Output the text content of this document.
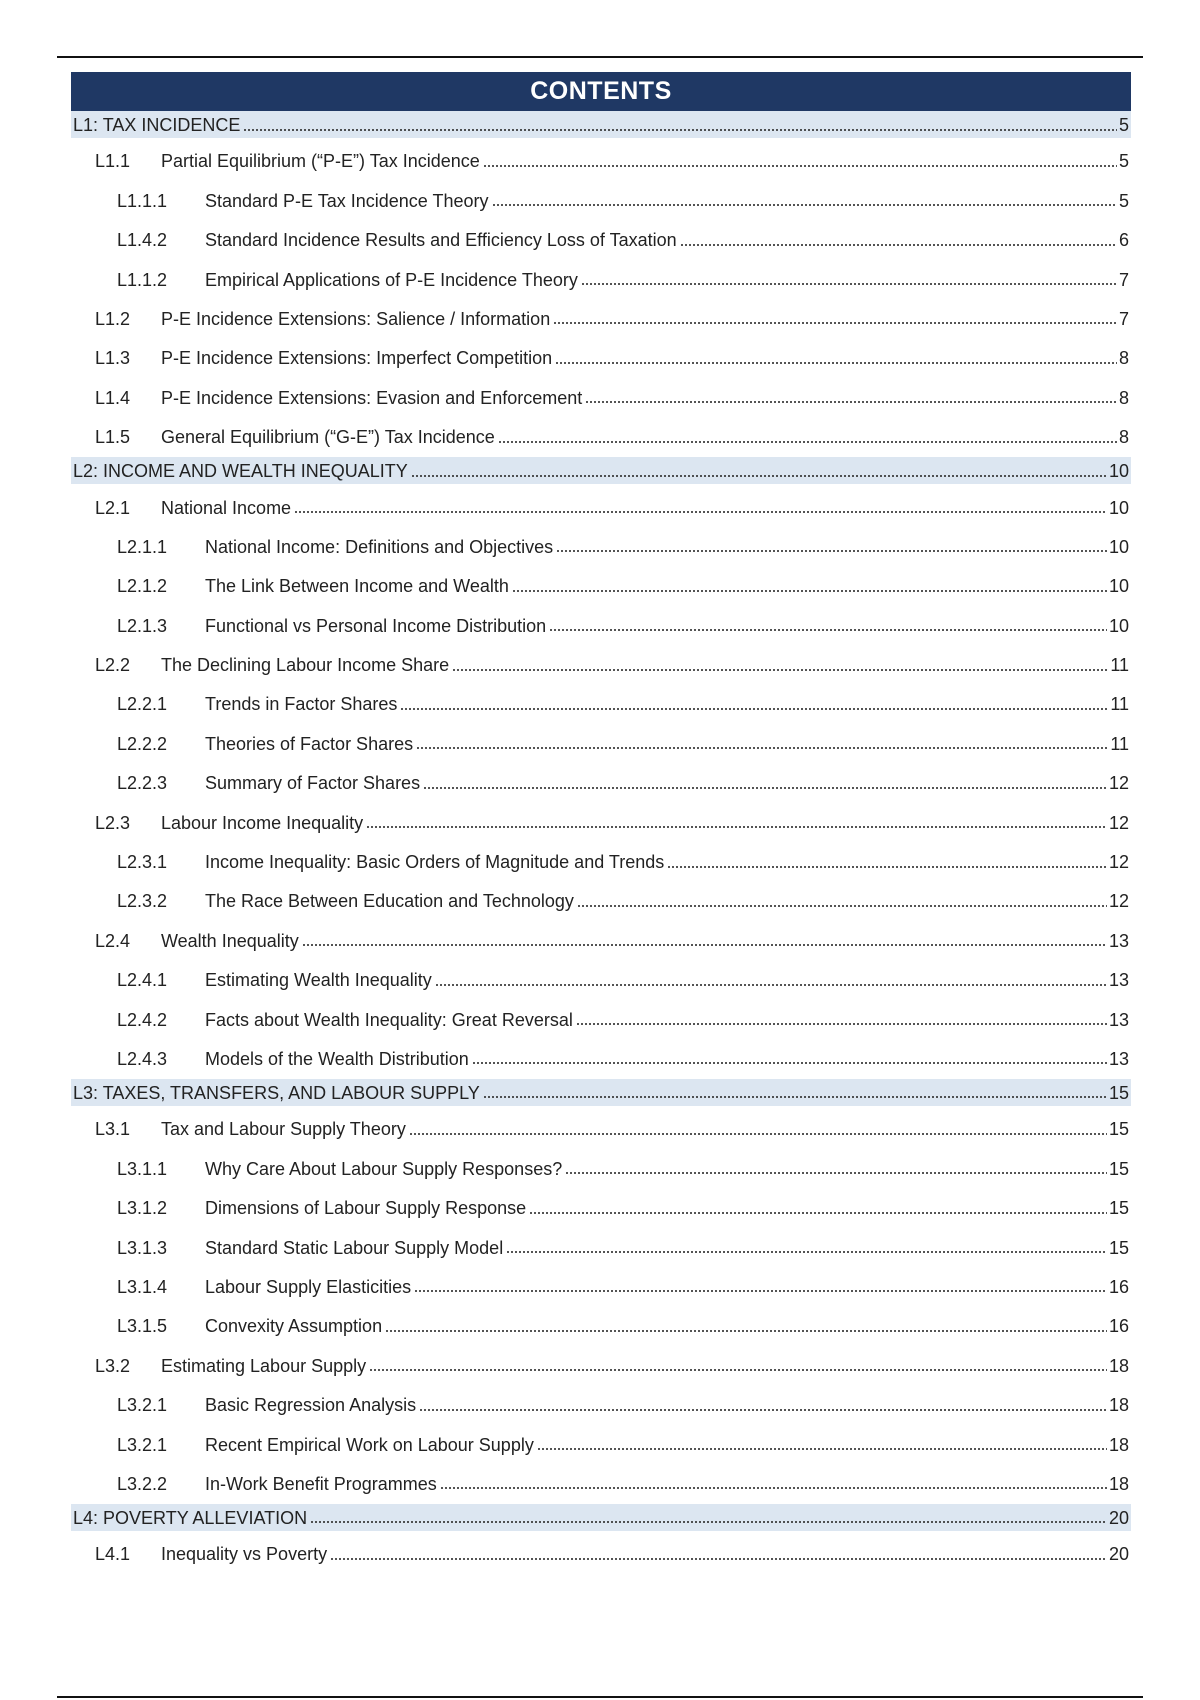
CONTENTS
L1: TAX INCIDENCE	5
L1.1	Partial Equilibrium (“P-E”) Tax Incidence	5
L1.1.1	Standard P-E Tax Incidence Theory	5
L1.4.2	Standard Incidence Results and Efficiency Loss of Taxation	6
L1.1.2	Empirical Applications of P-E Incidence Theory	7
L1.2	P-E Incidence Extensions: Salience / Information	7
L1.3	P-E Incidence Extensions: Imperfect Competition	8
L1.4	P-E Incidence Extensions: Evasion and Enforcement	8
L1.5	General Equilibrium (“G-E”) Tax Incidence	8
L2: INCOME AND WEALTH INEQUALITY	10
L2.1	National Income	10
L2.1.1	National Income: Definitions and Objectives	10
L2.1.2	The Link Between Income and Wealth	10
L2.1.3	Functional vs Personal Income Distribution	10
L2.2	The Declining Labour Income Share	11
L2.2.1	Trends in Factor Shares	11
L2.2.2	Theories of Factor Shares	11
L2.2.3	Summary of Factor Shares	12
L2.3	Labour Income Inequality	12
L2.3.1	Income Inequality: Basic Orders of Magnitude and Trends	12
L2.3.2	The Race Between Education and Technology	12
L2.4	Wealth Inequality	13
L2.4.1	Estimating Wealth Inequality	13
L2.4.2	Facts about Wealth Inequality: Great Reversal	13
L2.4.3	Models of the Wealth Distribution	13
L3: TAXES, TRANSFERS, AND LABOUR SUPPLY	15
L3.1	Tax and Labour Supply Theory	15
L3.1.1	Why Care About Labour Supply Responses?	15
L3.1.2	Dimensions of Labour Supply Response	15
L3.1.3	Standard Static Labour Supply Model	15
L3.1.4	Labour Supply Elasticities	16
L3.1.5	Convexity Assumption	16
L3.2	Estimating Labour Supply	18
L3.2.1	Basic Regression Analysis	18
L3.2.1	Recent Empirical Work on Labour Supply	18
L3.2.2	In-Work Benefit Programmes	18
L4: POVERTY ALLEVIATION	20
L4.1	Inequality vs Poverty	20
